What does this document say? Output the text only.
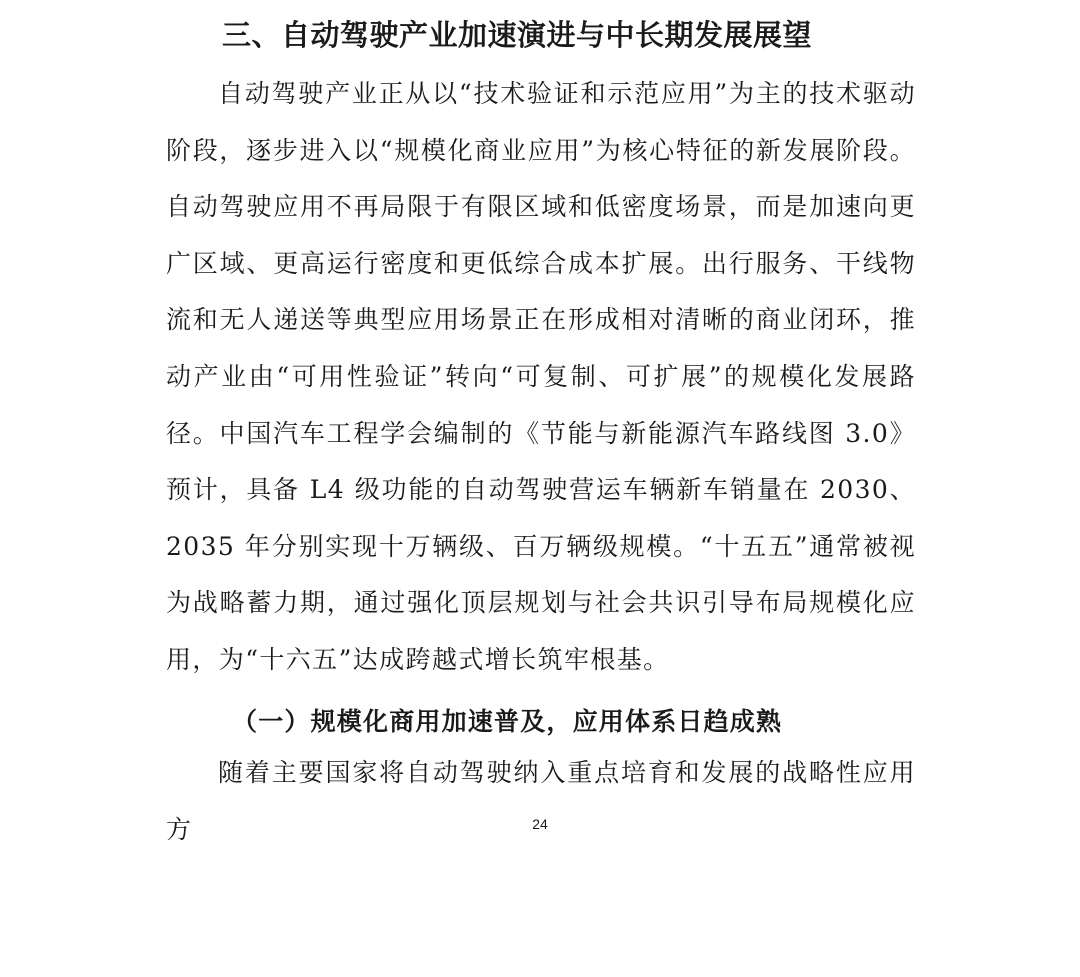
三、自动驾驶产业加速演进与中长期发展展望

自动驾驶产业正从以“技术验证和示范应用”为主的技术驱动阶段，逐步进入以“规模化商业应用”为核心特征的新发展阶段。自动驾驶应用不再局限于有限区域和低密度场景，而是加速向更广区域、更高运行密度和更低综合成本扩展。出行服务、干线物流和无人递送等典型应用场景正在形成相对清晰的商业闭环，推动产业由“可用性验证”转向“可复制、可扩展”的规模化发展路径。中国汽车工程学会编制的《节能与新能源汽车路线图 3.0》预计，具备 L4 级功能的自动驾驶营运车辆新车销量在 2030、2035 年分别实现十万辆级、百万辆级规模。“十五五”通常被视为战略蓄力期，通过强化顶层规划与社会共识引导布局规模化应用，为“十六五”达成跨越式增长筑牢根基。

（一）规模化商用加速普及，应用体系日趋成熟

随着主要国家将自动驾驶纳入重点培育和发展的战略性应用方	24
